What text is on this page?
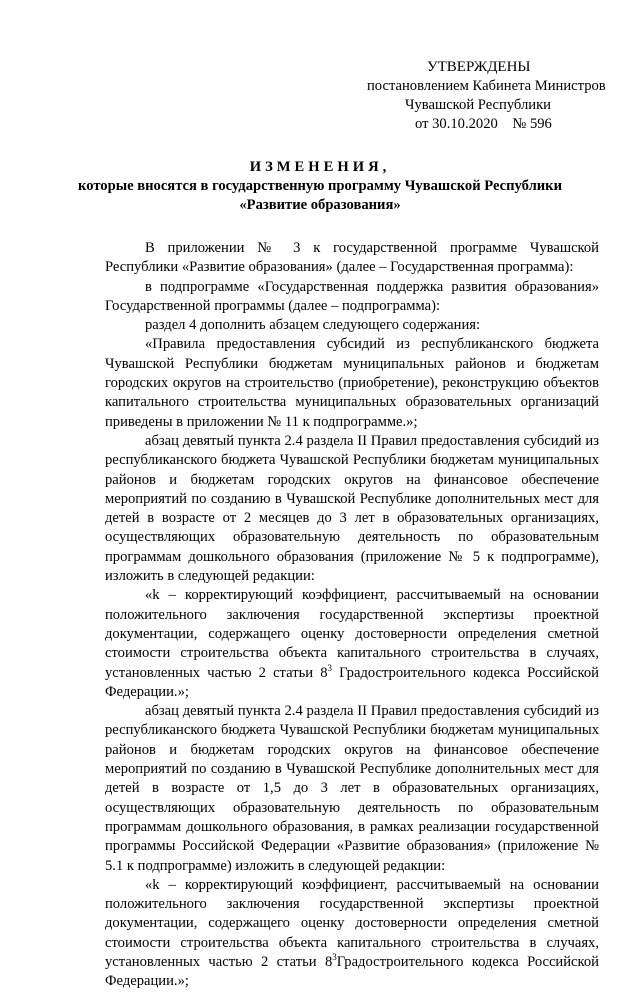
УТВЕРЖДЕНЫ
постановлением Кабинета Министров
Чувашской Республики
от 30.10.2020    № 596
ИЗМЕНЕНИЯ,
которые вносятся в государственную программу Чувашской Республики
«Развитие образования»

В приложении № 3 к государственной программе Чувашской Республики «Развитие образования» (далее – Государственная программа):

в подпрограмме «Государственная поддержка развития образования» Государственной программы (далее – подпрограмма):

раздел 4 дополнить абзацем следующего содержания:

«Правила предоставления субсидий из республиканского бюджета Чувашской Республики бюджетам муниципальных районов и бюджетам городских округов на строительство (приобретение), реконструкцию объектов капитального строительства муниципальных образовательных организаций приведены в приложении № 11 к подпрограмме.»;

абзац девятый пункта 2.4 раздела II Правил предоставления субсидий из республиканского бюджета Чувашской Республики бюджетам муниципальных районов и бюджетам городских округов на финансовое обеспечение мероприятий по созданию в Чувашской Республике дополнительных мест для детей в возрасте от 2 месяцев до 3 лет в образовательных организациях, осуществляющих образовательную деятельность по образовательным программам дошкольного образования (приложение № 5 к подпрограмме), изложить в следующей редакции:

«k – корректирующий коэффициент, рассчитываемый на основании положительного заключения государственной экспертизы проектной документации, содержащего оценку достоверности определения сметной стоимости строительства объекта капитального строительства в случаях, установленных частью 2 статьи $8^3$ Градостроительного кодекса Российской Федерации.»;

абзац девятый пункта 2.4 раздела II Правил предоставления субсидий из республиканского бюджета Чувашской Республики бюджетам муниципальных районов и бюджетам городских округов на финансовое обеспечение мероприятий по созданию в Чувашской Республике дополнительных мест для детей в возрасте от 1,5 до 3 лет в образовательных организациях, осуществляющих образовательную деятельность по образовательным программам дошкольного образования, в рамках реализации государственной программы Российской Федерации «Развитие образования» (приложение № 5.1 к подпрограмме) изложить в следующей редакции:

«k – корректирующий коэффициент, рассчитываемый на основании положительного заключения государственной экспертизы проектной документации, содержащего оценку достоверности определения сметной стоимости строительства объекта капитального строительства в случаях, установленных частью 2 статьи $8^3Градостроительного$ кодекса Российской Федерации.»;
